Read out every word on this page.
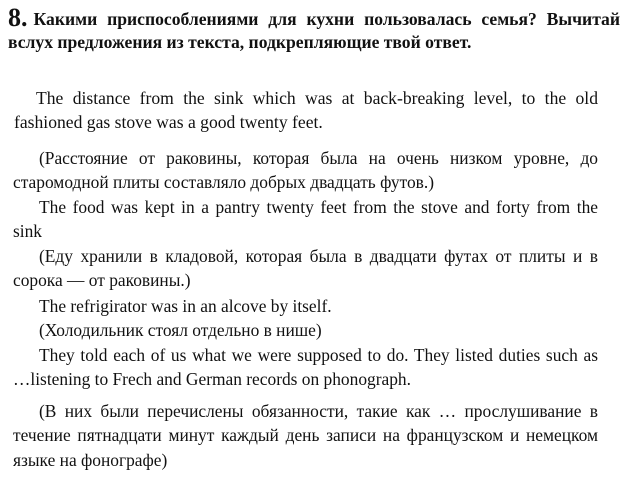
8. Какими приспособлениями для кухни пользовалась семья? Вычитай вслух предложения из текста, подкрепляющие твой ответ.

The distance from the sink which was at back-breaking level, to the old fashioned gas stove was a good twenty feet.

(Расстояние от раковины, которая была на очень низком уровне, до старомодной плиты составляло добрых двадцать футов.)

The food was kept in a pantry twenty feet from the stove and forty from the sink

(Еду хранили в кладовой, которая была в двадцати футах от плиты и в сорока — от раковины.)

The refrigirator was in an alcove by itself.

(Холодильник стоял отдельно в нише)

They told each of us what we were supposed to do. They listed duties such as …listening to Frech and German records on phonograph.

(В них были перечислены обязанности, такие как … прослушивание в течение пятнадцати минут каждый день записи на французском и немецком языке на фонографе)
